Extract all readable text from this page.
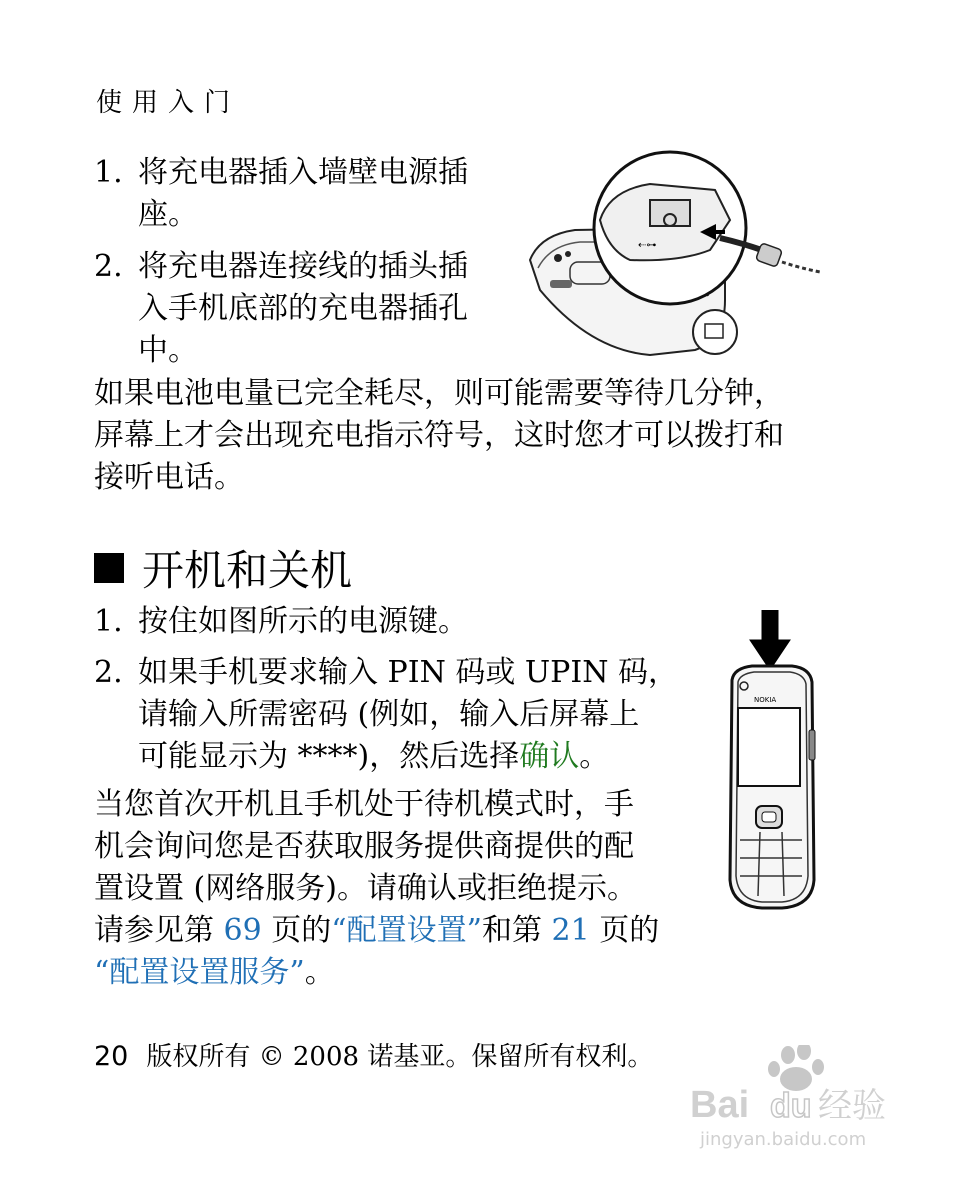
使用入门
1. 将充电器插入墙壁电源插
座。
2. 将充电器连接线的插头插
入手机底部的充电器插孔
中。
⇠⊶
如果电池电量已完全耗尽，则可能需要等待几分钟，
屏幕上才会出现充电指示符号，这时您才可以拨打和
接听电话。
开机和关机
1. 按住如图所示的电源键。
2. 如果手机要求输入 PIN 码或 UPIN 码，
请输入所需密码 (例如，输入后屏幕上
可能显示为 ****)，然后选择确认。
当您首次开机且手机处于待机模式时，手
机会询问您是否获取服务提供商提供的配
置设置 (网络服务)。请确认或拒绝提示。
请参见第 69 页的“配置设置”和第 21 页的
“配置设置服务”。
NOKIA
20 版权所有 © 2008 诺基亚。保留所有权利。
Bai du 经验
jingyan.baidu.com
